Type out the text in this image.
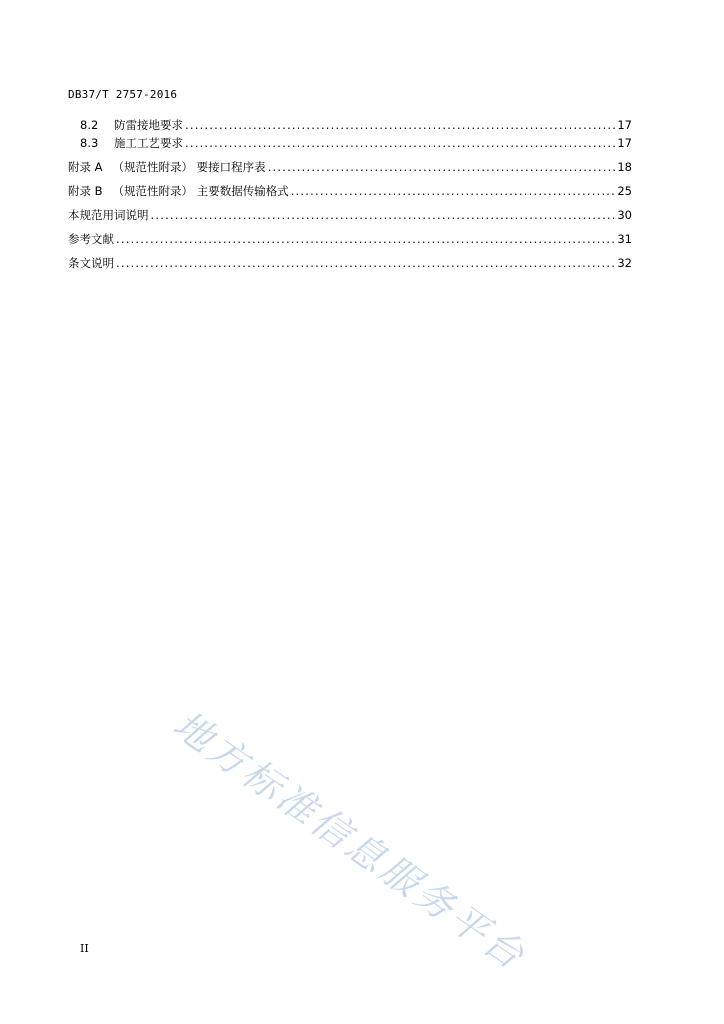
DB37/T 2757-2016
8.2	防雷接地要求 .....	17
8.3	施工工艺要求 .....	17
附录 A （规范性附录） 要接口程序表 .....	18
附录 B （规范性附录） 主要数据传输格式 .....	25
本规范用词说明 .....	30
参考文献 .....	31
条文说明 .....	32
地方标准信息服务平台
II
